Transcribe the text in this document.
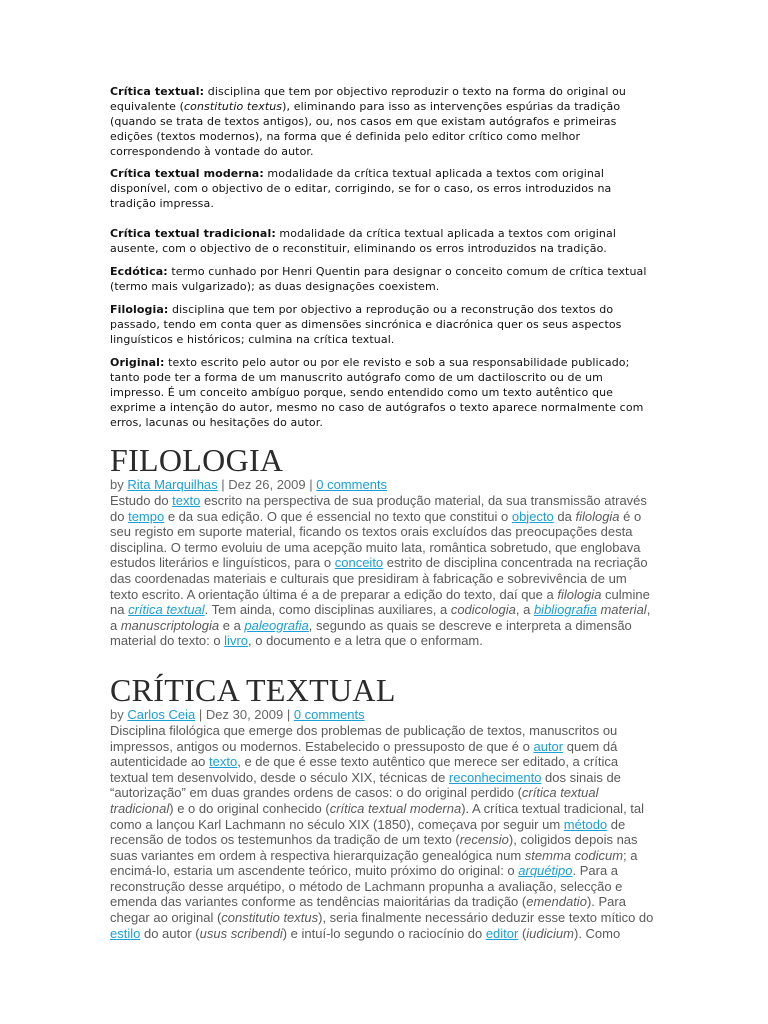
Crítica textual: disciplina que tem por objectivo reproduzir o texto na forma do original ou equivalente (constitutio textus), eliminando para isso as intervenções espúrias da tradição (quando se trata de textos antigos), ou, nos casos em que existam autógrafos e primeiras edições (textos modernos), na forma que é definida pelo editor crítico como melhor correspondendo à vontade do autor.

Crítica textual moderna: modalidade da crítica textual aplicada a textos com original disponível, com o objectivo de o editar, corrigindo, se for o caso, os erros introduzidos na tradição impressa.

Crítica textual tradicional: modalidade da crítica textual aplicada a textos com original ausente, com o objectivo de o reconstituir, eliminando os erros introduzidos na tradição.

Ecdótica: termo cunhado por Henri Quentin para designar o conceito comum de crítica textual (termo mais vulgarizado); as duas designações coexistem.

Filologia: disciplina que tem por objectivo a reprodução ou a reconstrução dos textos do passado, tendo em conta quer as dimensões sincrónica e diacrónica quer os seus aspectos linguísticos e históricos; culmina na crítica textual.

Original: texto escrito pelo autor ou por ele revisto e sob a sua responsabilidade publicado; tanto pode ter a forma de um manuscrito autógrafo como de um dactiloscrito ou de um impresso. É um conceito ambíguo porque, sendo entendido como um texto autêntico que exprime a intenção do autor, mesmo no caso de autógrafos o texto aparece normalmente com erros, lacunas ou hesitações do autor.

FILOLOGIA

by Rita Marquilhas | Dez 26, 2009 | 0 comments

Estudo do texto escrito na perspectiva de sua produção material, da sua transmissão através do tempo e da sua edição. O que é essencial no texto que constitui o objecto da filologia é o seu registo em suporte material, ficando os textos orais excluídos das preocupações desta disciplina. O termo evoluiu de uma acepção muito lata, romântica sobretudo, que englobava estudos literários e linguísticos, para o conceito estrito de disciplina concentrada na recriação das coordenadas materiais e culturais que presidiram à fabricação e sobrevivência de um texto escrito. A orientação última é a de preparar a edição do texto, daí que a filologia culmine na crítica textual. Tem ainda, como disciplinas auxiliares, a codicologia, a bibliografia material, a manuscriptologia e a paleografia, segundo as quais se descreve e interpreta a dimensão material do texto: o livro, o documento e a letra que o enformam.

CRÍTICA TEXTUAL

by Carlos Ceia | Dez 30, 2009 | 0 comments

Disciplina filológica que emerge dos problemas de publicação de textos, manuscritos ou impressos, antigos ou modernos. Estabelecido o pressuposto de que é o autor quem dá autenticidade ao texto, e de que é esse texto autêntico que merece ser editado, a crítica textual tem desenvolvido, desde o século XIX, técnicas de reconhecimento dos sinais de “autorização” em duas grandes ordens de casos: o do original perdido (crítica textual tradicional) e o do original conhecido (crítica textual moderna). A crítica textual tradicional, tal como a lançou Karl Lachmann no século XIX (1850), começava por seguir um método de recensão de todos os testemunhos da tradição de um texto (recensio), coligidos depois nas suas variantes em ordem à respectiva hierarquização genealógica num stemma codicum; a encimá-lo, estaria um ascendente teórico, muito próximo do original: o arquétipo. Para a reconstrução desse arquétipo, o método de Lachmann propunha a avaliação, selecção e emenda das variantes conforme as tendências maioritárias da tradição (emendatio). Para chegar ao original (constitutio textus), seria finalmente necessário deduzir esse texto mítico do estilo do autor (usus scribendi) e intuí-lo segundo o raciocínio do editor (iudicium). Como
